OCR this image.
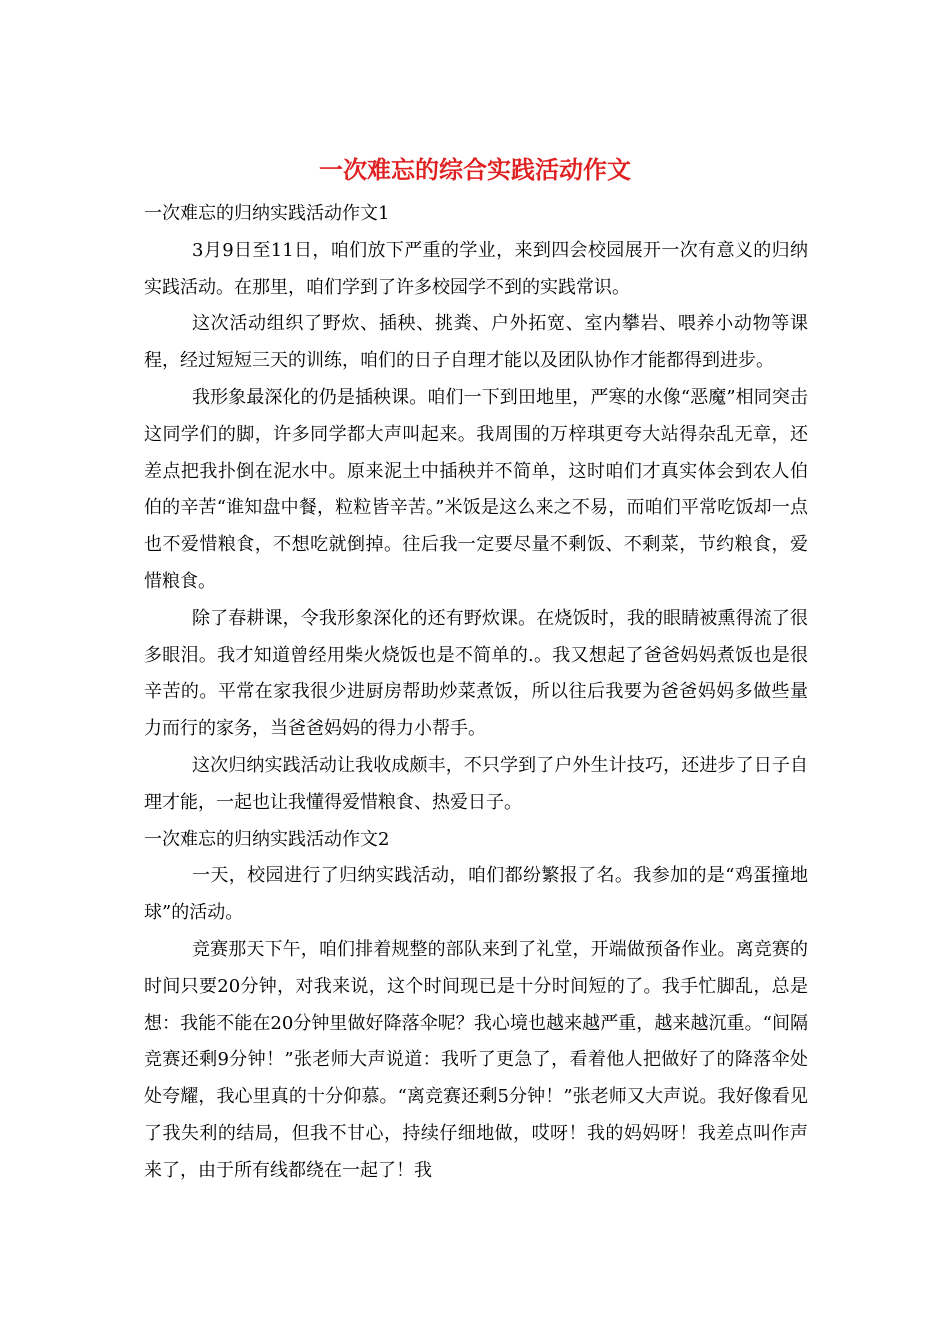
一次难忘的综合实践活动作文

一次难忘的归纳实践活动作文1

3月9日至11日，咱们放下严重的学业，来到四会校园展开一次有意义的归纳实践活动。在那里，咱们学到了许多校园学不到的实践常识。

这次活动组织了野炊、插秧、挑粪、户外拓宽、室内攀岩、喂养小动物等课程，经过短短三天的训练，咱们的日子自理才能以及团队协作才能都得到进步。

我形象最深化的仍是插秧课。咱们一下到田地里，严寒的水像“恶魔”相同突击这同学们的脚，许多同学都大声叫起来。我周围的万梓琪更夸大站得杂乱无章，还差点把我扑倒在泥水中。原来泥土中插秧并不简单，这时咱们才真实体会到农人伯伯的辛苦“谁知盘中餐，粒粒皆辛苦。”米饭是这么来之不易，而咱们平常吃饭却一点也不爱惜粮食，不想吃就倒掉。往后我一定要尽量不剩饭、不剩菜，节约粮食，爱惜粮食。

除了春耕课，令我形象深化的还有野炊课。在烧饭时，我的眼睛被熏得流了很多眼泪。我才知道曾经用柴火烧饭也是不简单的.。我又想起了爸爸妈妈煮饭也是很辛苦的。平常在家我很少进厨房帮助炒菜煮饭，所以往后我要为爸爸妈妈多做些量力而行的家务，当爸爸妈妈的得力小帮手。

这次归纳实践活动让我收成颇丰，不只学到了户外生计技巧，还进步了日子自理才能，一起也让我懂得爱惜粮食、热爱日子。

一次难忘的归纳实践活动作文2

一天，校园进行了归纳实践活动，咱们都纷繁报了名。我参加的是“鸡蛋撞地球”的活动。

竞赛那天下午，咱们排着规整的部队来到了礼堂，开端做预备作业。离竞赛的时间只要20分钟，对我来说，这个时间现已是十分时间短的了。我手忙脚乱，总是想：我能不能在20分钟里做好降落伞呢？我心境也越来越严重，越来越沉重。“间隔竞赛还剩9分钟！”张老师大声说道：我听了更急了，看着他人把做好了的降落伞处处夸耀，我心里真的十分仰慕。“离竞赛还剩5分钟！”张老师又大声说。我好像看见了我失利的结局，但我不甘心，持续仔细地做，哎呀！我的妈妈呀！我差点叫作声来了，由于所有线都绕在一起了！我
